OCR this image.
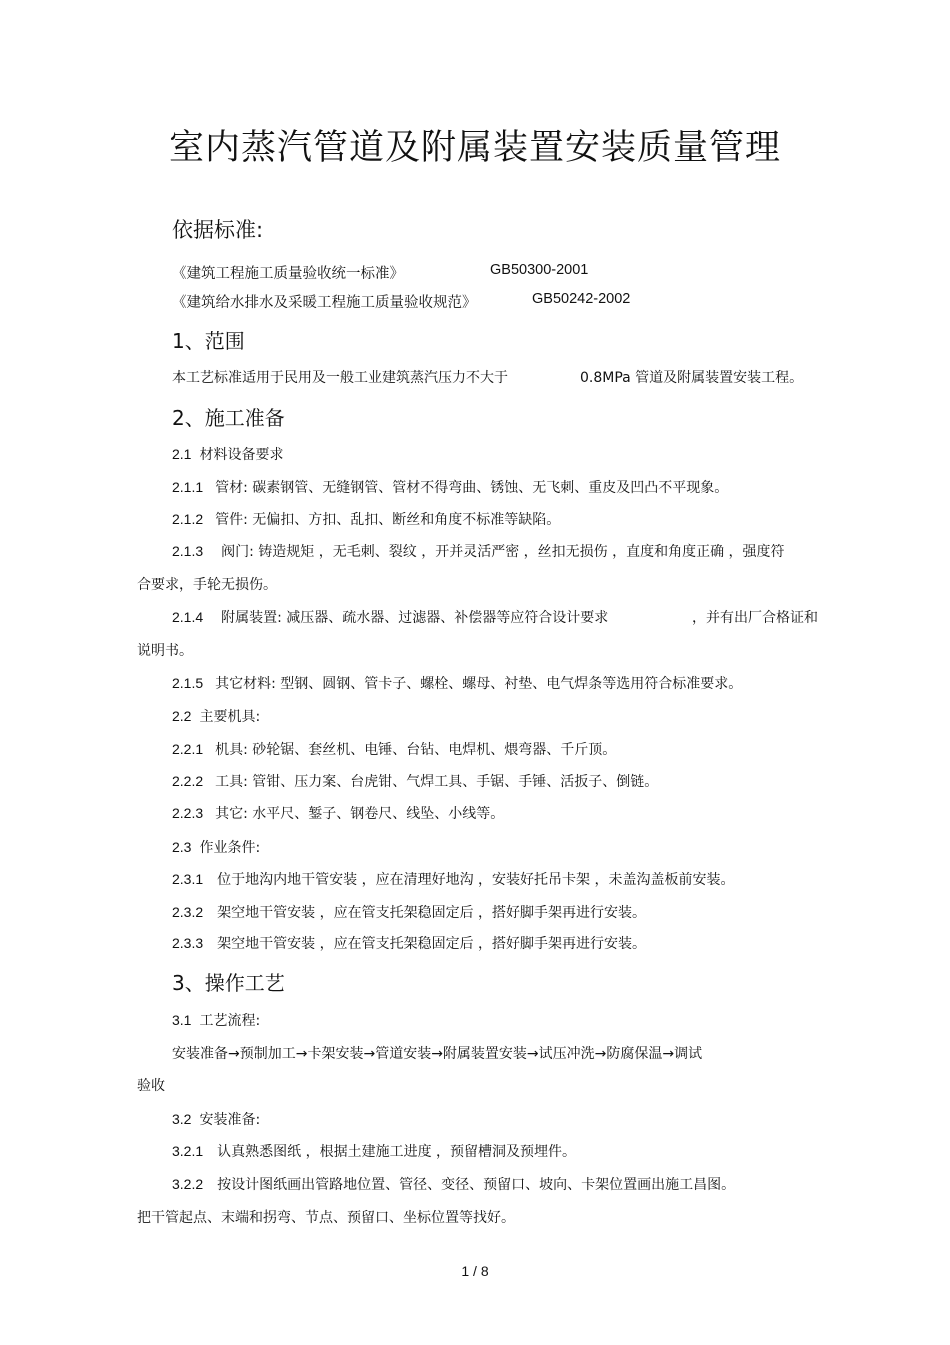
室内蒸汽管道及附属装置安装质量管理
依据标准:
《建筑工程施工质量验收统一标准》	GB50300-2001
《建筑给水排水及采暖工程施工质量验收规范》	GB50242-2002
1、范围
本工艺标准适用于民用及一般工业建筑蒸汽压力不大于	0.8MPa 管道及附属装置安装工程。
2、施工准备
2.1 材料设备要求
2.1.1 管材: 碳素钢管、无缝钢管、管材不得弯曲、锈蚀、无飞刺、重皮及凹凸不平现象。
2.1.2 管件: 无偏扣、方扣、乱扣、断丝和角度不标准等缺陷。
2.1.3 阀门: 铸造规矩 ，无毛刺、裂纹 ，开并灵活严密 ，丝扣无损伤 ，直度和角度正确 ，强度符
合要求，手轮无损伤。
2.1.4 附属装置: 减压器、疏水器、过滤器、补偿器等应符合设计要求	，并有出厂合格证和
说明书。
2.1.5 其它材料: 型钢、圆钢、管卡子、螺栓、螺母、衬垫、电气焊条等选用符合标准要求。
2.2 主要机具:
2.2.1 机具: 砂轮锯、套丝机、电锤、台钻、电焊机、煨弯器、千斤顶。
2.2.2 工具: 管钳、压力案、台虎钳、气焊工具、手锯、手锤、活扳子、倒链。
2.2.3 其它: 水平尺、錾子、钢卷尺、线坠、小线等。
2.3 作业条件:
2.3.1 位于地沟内地干管安装 ，应在清理好地沟 ，安装好托吊卡架 ，未盖沟盖板前安装。
2.3.2 架空地干管安装 ，应在管支托架稳固定后 ，搭好脚手架再进行安装。
2.3.3 架空地干管安装 ，应在管支托架稳固定后 ，搭好脚手架再进行安装。
3、操作工艺
3.1 工艺流程:
安装准备→预制加工→卡架安装→管道安装→附属装置安装→试压冲洗→防腐保温→调试
验收
3.2 安装准备:
3.2.1 认真熟悉图纸 ，根据土建施工进度 ，预留槽洞及预埋件。
3.2.2 按设计图纸画出管路地位置、管径、变径、预留口、坡向、卡架位置画出施工昌图。
把干管起点、末端和拐弯、节点、预留口、坐标位置等找好。
1 / 8
